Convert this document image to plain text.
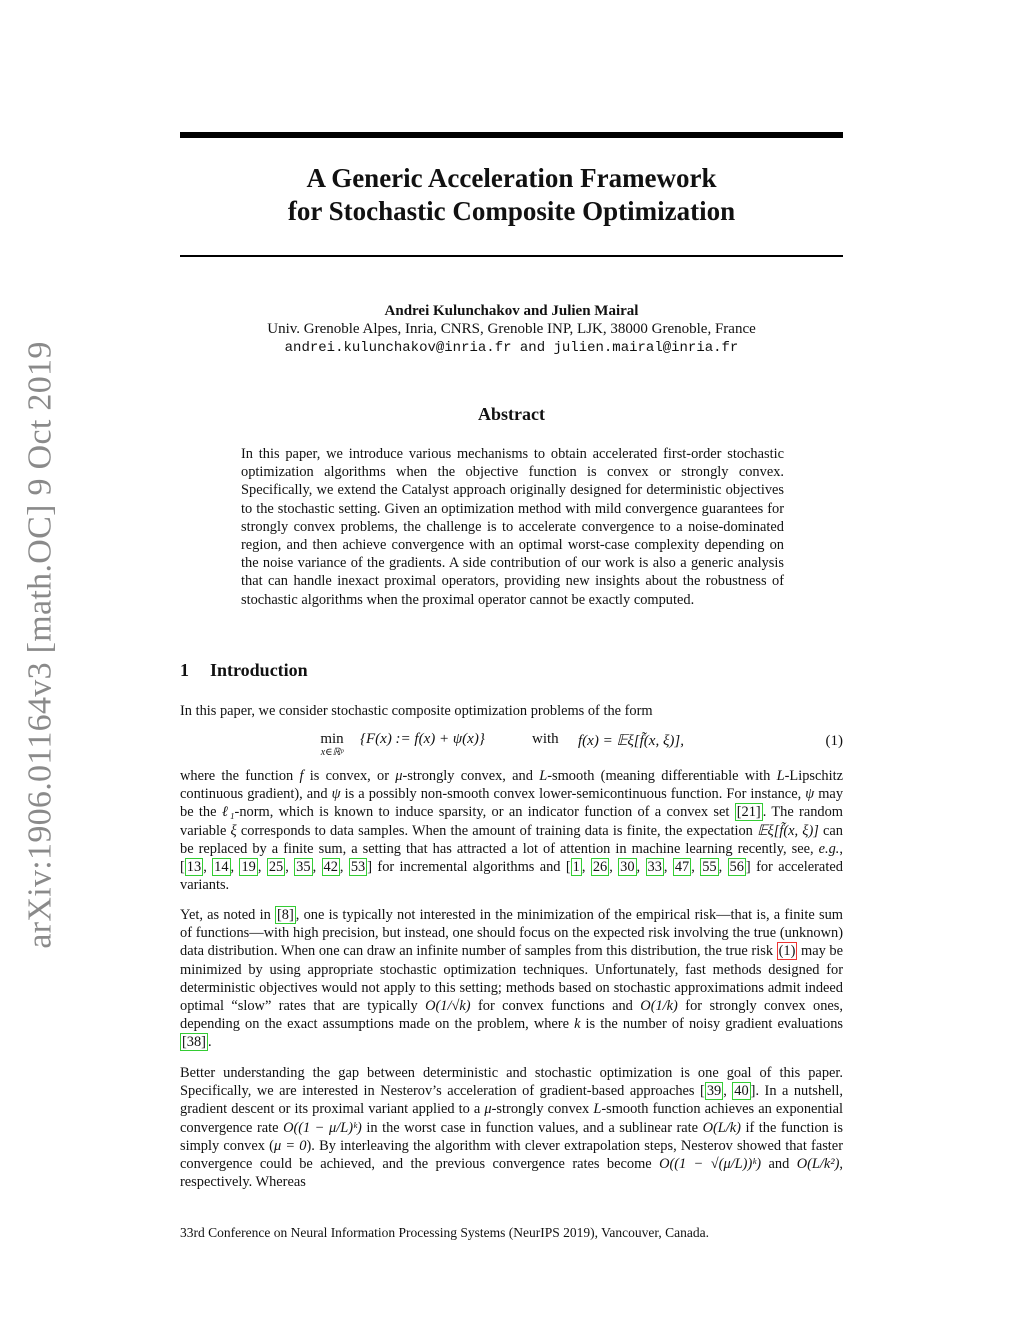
arXiv:1906.01164v3 [math.OC] 9 Oct 2019
A Generic Acceleration Framework
for Stochastic Composite Optimization
Andrei Kulunchakov and Julien Mairal
Univ. Grenoble Alpes, Inria, CNRS, Grenoble INP, LJK, 38000 Grenoble, France
andrei.kulunchakov@inria.fr and julien.mairal@inria.fr
Abstract
In this paper, we introduce various mechanisms to obtain accelerated first-order stochastic optimization algorithms when the objective function is convex or strongly convex. Specifically, we extend the Catalyst approach originally designed for deterministic objectives to the stochastic setting. Given an optimization method with mild convergence guarantees for strongly convex problems, the challenge is to accelerate convergence to a noise-dominated region, and then achieve convergence with an optimal worst-case complexity depending on the noise variance of the gradients. A side contribution of our work is also a generic analysis that can handle inexact proximal operators, providing new insights about the robustness of stochastic algorithms when the proximal operator cannot be exactly computed.
1 Introduction
In this paper, we consider stochastic composite optimization problems of the form
min
x∈ℝᵖ
{F(x) := f(x) + ψ(x)}	with f(x) = 𝔼ξ[f̃(x, ξ)],	(1)
where the function f is convex, or μ-strongly convex, and L-smooth (meaning differentiable with L-Lipschitz continuous gradient), and ψ is a possibly non-smooth convex lower-semicontinuous function. For instance, ψ may be the ℓ₁-norm, which is known to induce sparsity, or an indicator function of a convex set [21] . The random variable ξ corresponds to data samples. When the amount of training data is finite, the expectation 𝔼ξ[f̃(x, ξ)] can be replaced by a finite sum, a setting that has attracted a lot of attention in machine learning recently, see, e.g., [ 13 , 14 , 19 , 25 , 35 , 42 , 53 ] for incremental algorithms and [ 1 , 26 , 30 , 33 , 47 , 55 , 56 ] for accelerated variants.
Yet, as noted in [8] , one is typically not interested in the minimization of the empirical risk—that is, a finite sum of functions—with high precision, but instead, one should focus on the expected risk involving the true (unknown) data distribution. When one can draw an infinite number of samples from this distribution, the true risk (1) may be minimized by using appropriate stochastic optimization techniques. Unfortunately, fast methods designed for deterministic objectives would not apply to this setting; methods based on stochastic approximations admit indeed optimal “slow” rates that are typically O(1/√k) for convex functions and O(1/k) for strongly convex ones, depending on the exact assumptions made on the problem, where k is the number of noisy gradient evaluations [38] .
Better understanding the gap between deterministic and stochastic optimization is one goal of this paper. Specifically, we are interested in Nesterov’s acceleration of gradient-based approaches [ 39 , 40 ]. In a nutshell, gradient descent or its proximal variant applied to a μ-strongly convex L-smooth function achieves an exponential convergence rate O((1 − μ/L)ᵏ) in the worst case in function values, and a sublinear rate O(L/k) if the function is simply convex (μ = 0). By interleaving the algorithm with clever extrapolation steps, Nesterov showed that faster convergence could be achieved, and the previous convergence rates become O((1 − √(μ/L))ᵏ) and O(L/k²), respectively. Whereas
33rd Conference on Neural Information Processing Systems (NeurIPS 2019), Vancouver, Canada.
